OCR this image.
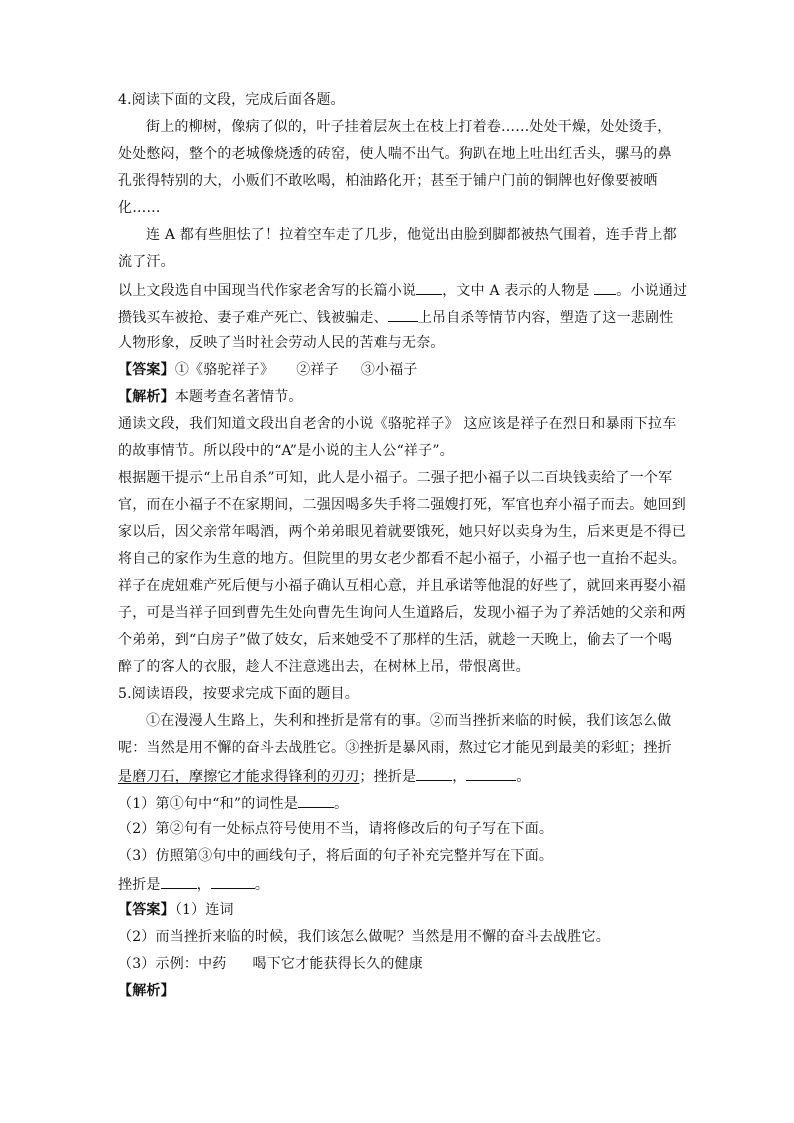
4.阅读下面的文段，完成后面各题。
街上的柳树，像病了似的，叶子挂着层灰土在枝上打着卷……处处干燥，处处烫手，
处处憋闷，整个的老城像烧透的砖窑，使人喘不出气。狗趴在地上吐出红舌头，骡马的鼻
孔张得特别的大，小贩们不敢吆喝，柏油路化开；甚至于铺户门前的铜牌也好像要被晒
化……
连 A 都有些胆怯了！拉着空车走了几步，他觉出由脸到脚都被热气围着，连手背上都
流了汗。
以上文段选自中国现当代作家老舍写的长篇小说 ，文中 A 表示的人物是 。小说通过
攒钱买车被抢、妻子难产死亡、钱被骗走、 上吊自杀等情节内容，塑造了这一悲剧性
人物形象，反映了当时社会劳动人民的苦难与无奈。
【答案】①《骆驼祥子》 ②祥子 ③小福子
【解析】本题考查名著情节。
通读文段，我们知道文段出自老舍的小说《骆驼祥子》 这应该是祥子在烈日和暴雨下拉车
的故事情节。所以段中的“A”是小说的主人公“祥子”。
根据题干提示“上吊自杀”可知，此人是小福子。二强子把小福子以二百块钱卖给了一个军
官，而在小福子不在家期间，二强因喝多失手将二强嫂打死，军官也弃小福子而去。她回到
家以后，因父亲常年喝酒，两个弟弟眼见着就要饿死，她只好以卖身为生，后来更是不得已
将自己的家作为生意的地方。但院里的男女老少都看不起小福子，小福子也一直抬不起头。
祥子在虎妞难产死后便与小福子确认互相心意，并且承诺等他混的好些了，就回来再娶小福
子，可是当祥子回到曹先生处向曹先生询问人生道路后，发现小福子为了养活她的父亲和两
个弟弟，到“白房子”做了妓女，后来她受不了那样的生活，就趁一天晚上，偷去了一个喝
醉了的客人的衣服，趁人不注意逃出去，在树林上吊，带恨离世。
5.阅读语段，按要求完成下面的题目。
①在漫漫人生路上，失利和挫折是常有的事。②而当挫折来临的时候，我们该怎么做
呢：当然是用不懈的奋斗去战胜它。③挫折是暴风雨，熬过它才能见到最美的彩虹；挫折
是磨刀石，摩擦它才能求得锋利的刃刃；挫折是	，	。
（1）第①句中“和”的词性是	。
（2）第②句有一处标点符号使用不当，请将修改后的句子写在下面。
（3）仿照第③句中的画线句子，将后面的句子补充完整并写在下面。
挫折是	，	。
【答案】（1）连词
（2）而当挫折来临的时候，我们该怎么做呢？当然是用不懈的奋斗去战胜它。
（3）示例：中药 喝下它才能获得长久的健康
【解析】
